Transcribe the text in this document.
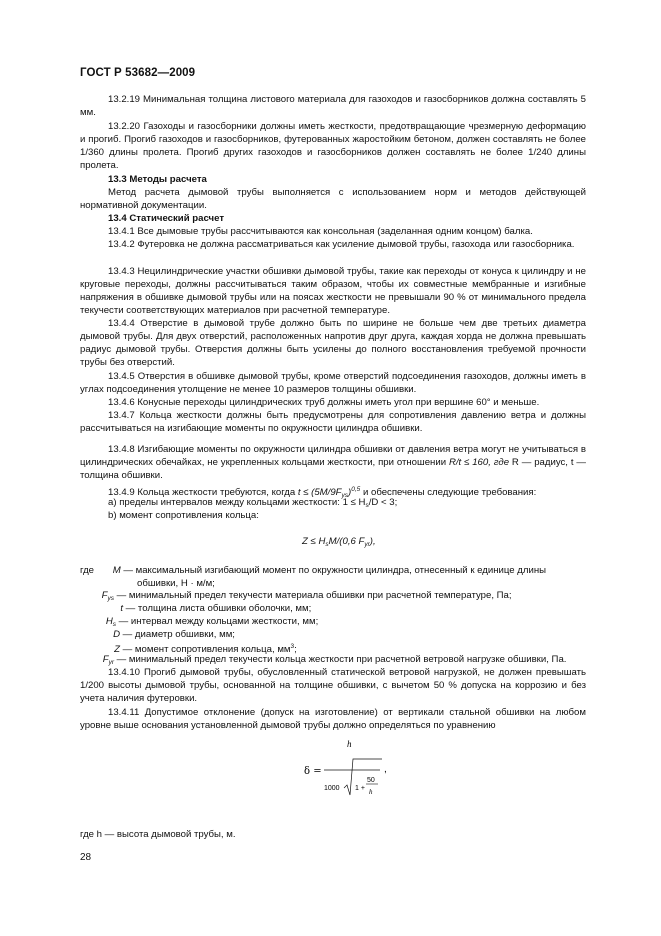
ГОСТ Р 53682—2009
13.2.19 Минимальная толщина листового материала для газоходов и газосборников должна составлять 5 мм.
13.2.20 Газоходы и газосборники должны иметь жесткости, предотвращающие чрезмерную деформацию и прогиб. Прогиб газоходов и газосборников, футерованных жаростойким бетоном, должен составлять не более 1/360 длины пролета. Прогиб других газоходов и газосборников должен составлять не более 1/240 длины пролета.
13.3 Методы расчета
Метод расчета дымовой трубы выполняется с использованием норм и методов действующей нормативной документации.
13.4 Статический расчет
13.4.1 Все дымовые трубы рассчитываются как консольная (заделанная одним концом) балка.
13.4.2 Футеровка не должна рассматриваться как усиление дымовой трубы, газохода или газосборника.
13.4.3 Нецилиндрические участки обшивки дымовой трубы, такие как переходы от конуса к цилиндру и не круговые переходы, должны рассчитываться таким образом, чтобы их совместные мембранные и изгибные напряжения в обшивке дымовой трубы или на поясах жесткости не превышали 90 % от минимального предела текучести соответствующих материалов при расчетной температуре.
13.4.4 Отверстие в дымовой трубе должно быть по ширине не больше чем две третьих диаметра дымовой трубы. Для двух отверстий, расположенных напротив друг друга, каждая хорда не должна превышать радиус дымовой трубы. Отверстия должны быть усилены до полного восстановления требуемой прочности трубы без отверстий.
13.4.5 Отверстия в обшивке дымовой трубы, кроме отверстий подсоединения газоходов, должны иметь в углах подсоединения утолщение не менее 10 размеров толщины обшивки.
13.4.6 Конусные переходы цилиндрических труб должны иметь угол при вершине 60° и меньше.
13.4.7 Кольца жесткости должны быть предусмотрены для сопротивления давлению ветра и должны рассчитываться на изгибающие моменты по окружности цилиндра обшивки.
13.4.8 Изгибающие моменты по окружности цилиндра обшивки от давления ветра могут не учитываться в цилиндрических обечайках, не укрепленных кольцами жесткости, при отношении R/t ≤ 160, где R — радиус, t — толщина обшивки.
13.4.9 Кольца жесткости требуются, когда $t \le (5M/9F_{ys})^{0,5}$ и обеспечены следующие требования:
а) пределы интервалов между кольцами жесткости: $1 \le H_s/D < 3$;
b) момент сопротивления кольца:
$Z \le H_sM/(0,6$ $F_{yr}$),
где M — максимальный изгибающий момент по окружности цилиндра, отнесенный к единице длины
обшивки, Н · м/м;
$F_{ys}$ — минимальный предел текучести материала обшивки при расчетной температуре, Па;
t — толщина листа обшивки оболочки, мм;
$H_s$ — интервал между кольцами жесткости, мм;
D — диаметр обшивки, мм;
Z — момент сопротивления кольца, $мм^3$;
$F_{yr}$ — минимальный предел текучести кольца жесткости при расчетной ветровой нагрузке обшивки, Па.
13.4.10 Прогиб дымовой трубы, обусловленный статической ветровой нагрузкой, не должен превышать 1/200 высоты дымовой трубы, основанной на толщине обшивки, с вычетом 50 % допуска на коррозию и без учета наличия футеровки.
13.4.11 Допустимое отклонение (допуск на изготовление) от вертикали стальной обшивки на любом уровне выше основания установленной дымовой трубы должно определяться по уравнению
δ =
h
1000 1 +
50
h
,
где h — высота дымовой трубы, м.
28
